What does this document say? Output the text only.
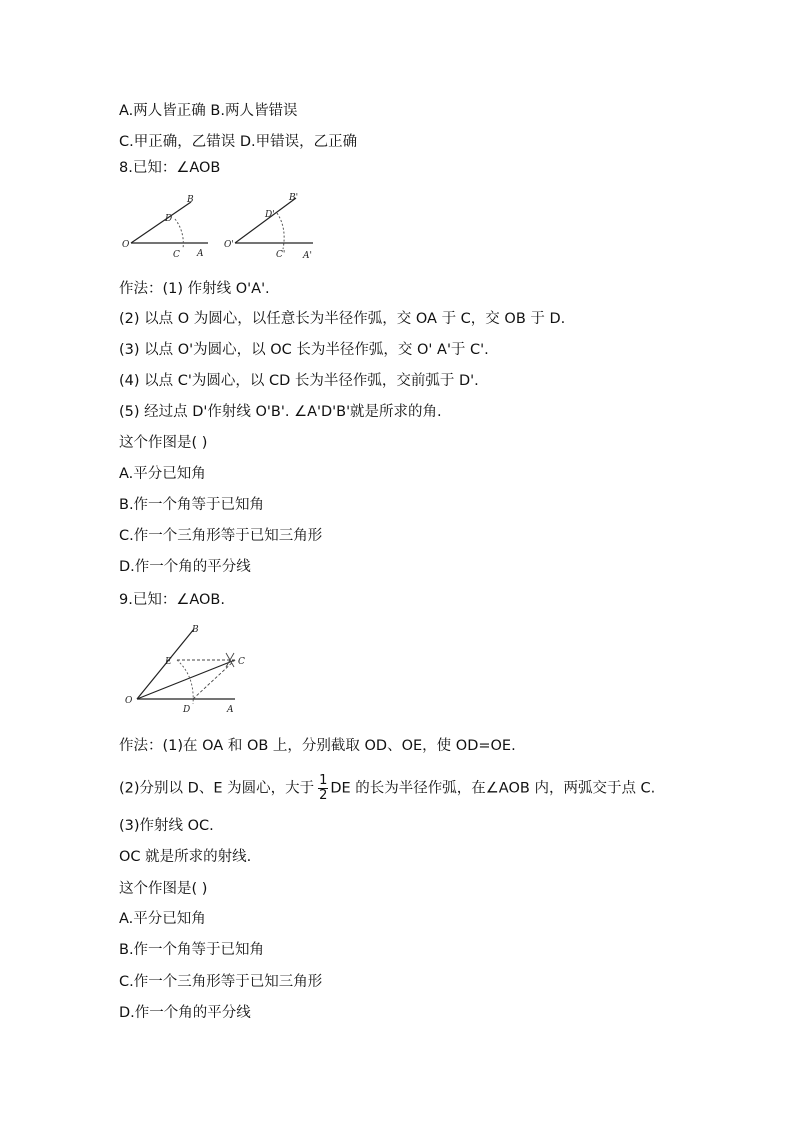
A.两人皆正确 B.两人皆错误
C.甲正确，乙错误 D.甲错误，乙正确
8.已知：∠AOB
O
B
D
C A
O'
B'
D'
C' A'
作法：(1) 作射线 O'A'.
(2) 以点 O 为圆心，以任意长为半径作弧，交 OA 于 C，交 OB 于 D.
(3) 以点 O'为圆心，以 OC 长为半径作弧，交 O' A'于 C'.
(4) 以点 C'为圆心，以 CD 长为半径作弧，交前弧于 D'.
(5) 经过点 D'作射线 O'B'. ∠A'D'B'就是所求的角.
这个作图是( )
A.平分已知角
B.作一个角等于已知角
C.作一个三角形等于已知三角形
D.作一个角的平分线
9.已知：∠AOB.
O
B
E	C
D	A
作法：(1)在 OA 和 OB 上，分别截取 OD、OE，使 OD=OE.
(2)分别以 D、E 为圆心，大于 $\frac{1}{2}$ DE 的长为半径作弧，在∠AOB 内，两弧交于点 C.
(3)作射线 OC.
OC 就是所求的射线.
这个作图是( )
A.平分已知角
B.作一个角等于已知角
C.作一个三角形等于已知三角形
D.作一个角的平分线
